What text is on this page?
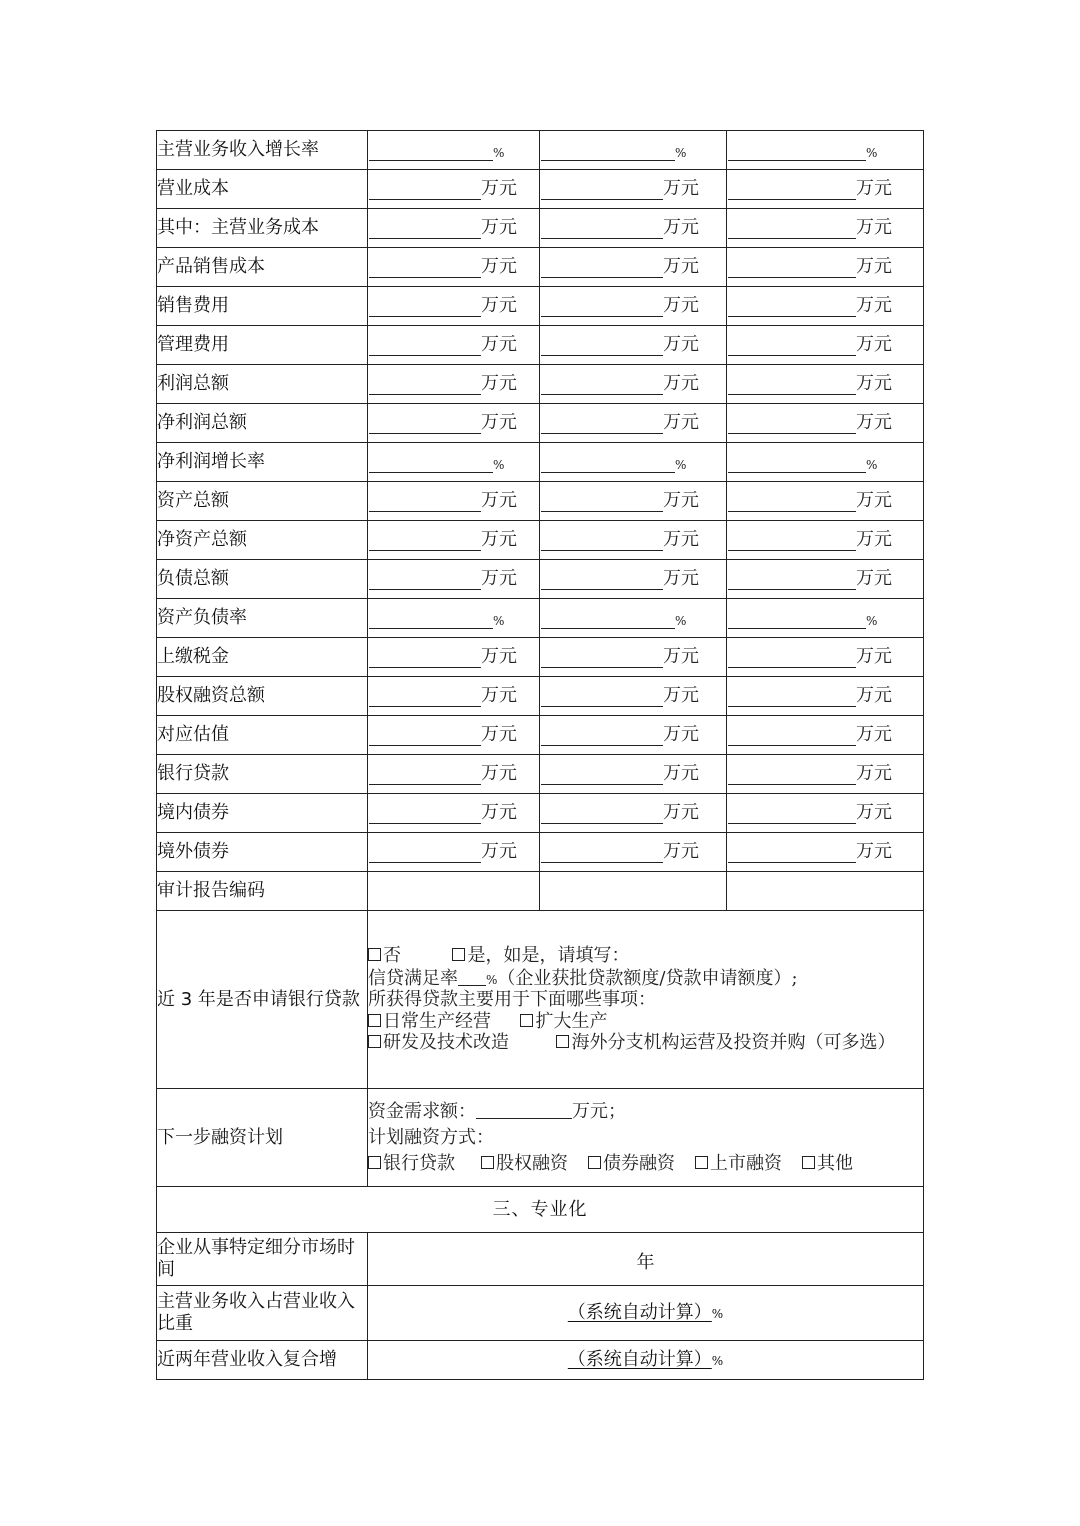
主营业务收入增长率	%	%	%
营业成本	万元	万元	万元
其中：主营业务成本	万元	万元	万元
产品销售成本	万元	万元	万元
销售费用	万元	万元	万元
管理费用	万元	万元	万元
利润总额	万元	万元	万元
净利润总额	万元	万元	万元
净利润增长率	%	%	%
资产总额	万元	万元	万元
净资产总额	万元	万元	万元
负债总额	万元	万元	万元
资产负债率	%	%	%
上缴税金	万元	万元	万元
股权融资总额	万元	万元	万元
对应估值	万元	万元	万元
银行贷款	万元	万元	万元
境内债券	万元	万元	万元
境外债券	万元	万元	万元
审计报告编码			
近 3 年是否申请银行贷款	否 是，如是，请填写：
信贷满足率 %（企业获批贷款额度/贷款申请额度）;
所获得贷款主要用于下面哪些事项：
日常生产经营 扩大生产
研发及技术改造 海外分支机构运营及投资并购（可多选）		

下一步融资计划	资金需求额： 万元；
计划融资方式：
银行贷款 股权融资 债券融资 上市融资 其他		

三、专业化			
企业从事特定细分市场时间	年		
主营业务收入占营业收入比重	（系统自动计算）%		
近两年营业收入复合增	（系统自动计算）%		
